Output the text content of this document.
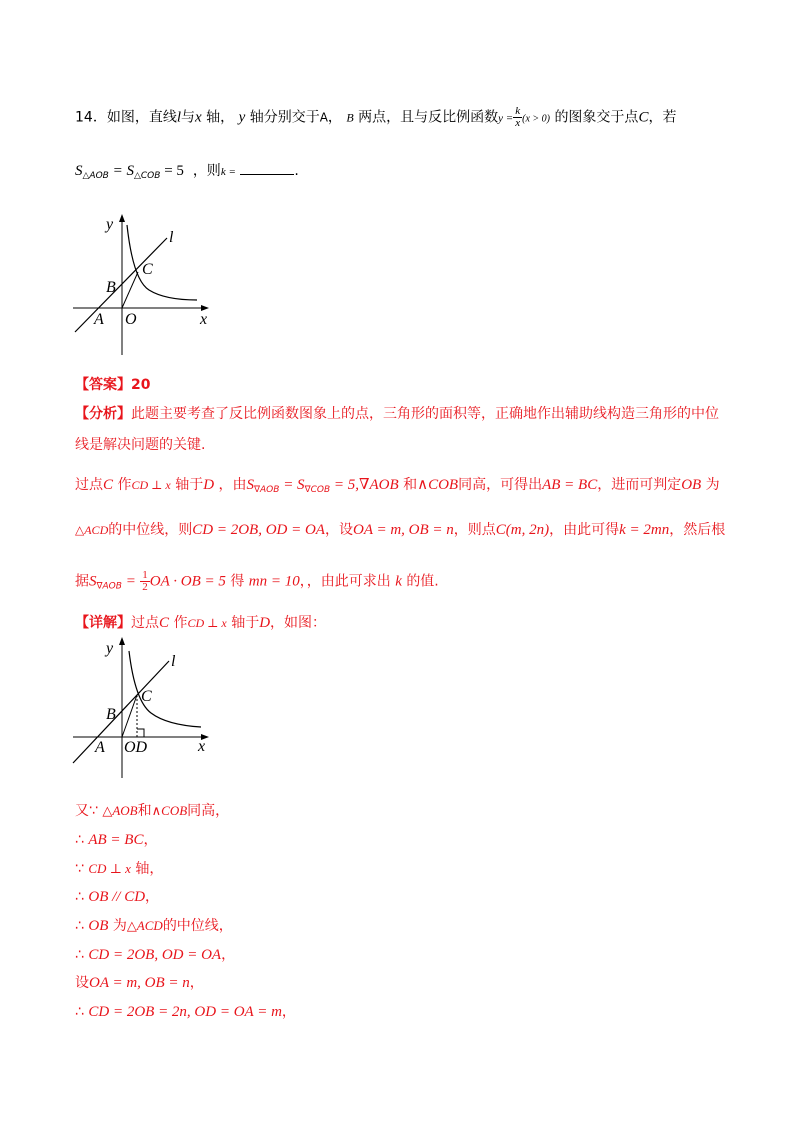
14．如图，直线l与x 轴， y 轴分别交于A， B 两点，且与反比例函数$y = \frac{k}{x} (x > 0)$ 的图象交于点C，若
$S_{\triangle AOB} = S_{\triangle COB} = 5$ ，则k =	.
y
l
C
B
A O	x
【答案】20
【分析】此题主要考查了反比例函数图象上的点，三角形的面积等，正确地作出辅助线构造三角形的中位
线是解决问题的关键.
过点C 作CD ⊥ x 轴于D ，由$S_{\nabla AOB} = S_{\nabla COB} = 5,\nabla AOB$ 和∧COB同高，可得出AB = BC，进而可判定OB 为
△ACD的中位线，则CD = 2OB, OD = OA，设OA = m, OB = n，则点C(m, 2n)，由此可得k = 2mn，然后根
据$S_{\nabla AOB} = \frac{1}{2}$ OA · OB = 5 得 mn = 10，，由此可求出 k 的值.
【详解】过点C 作CD ⊥ x 轴于D，如图：
y
l
C
B
A OD	x
又∵ △AOB和∧COB同高，
∴ AB = BC，
∵ CD ⊥ x 轴，
∴ OB // CD，
∴ OB 为△ACD的中位线，
∴ CD = 2OB, OD = OA，
设OA = m, OB = n，
∴ CD = 2OB = 2n, OD = OA = m，
